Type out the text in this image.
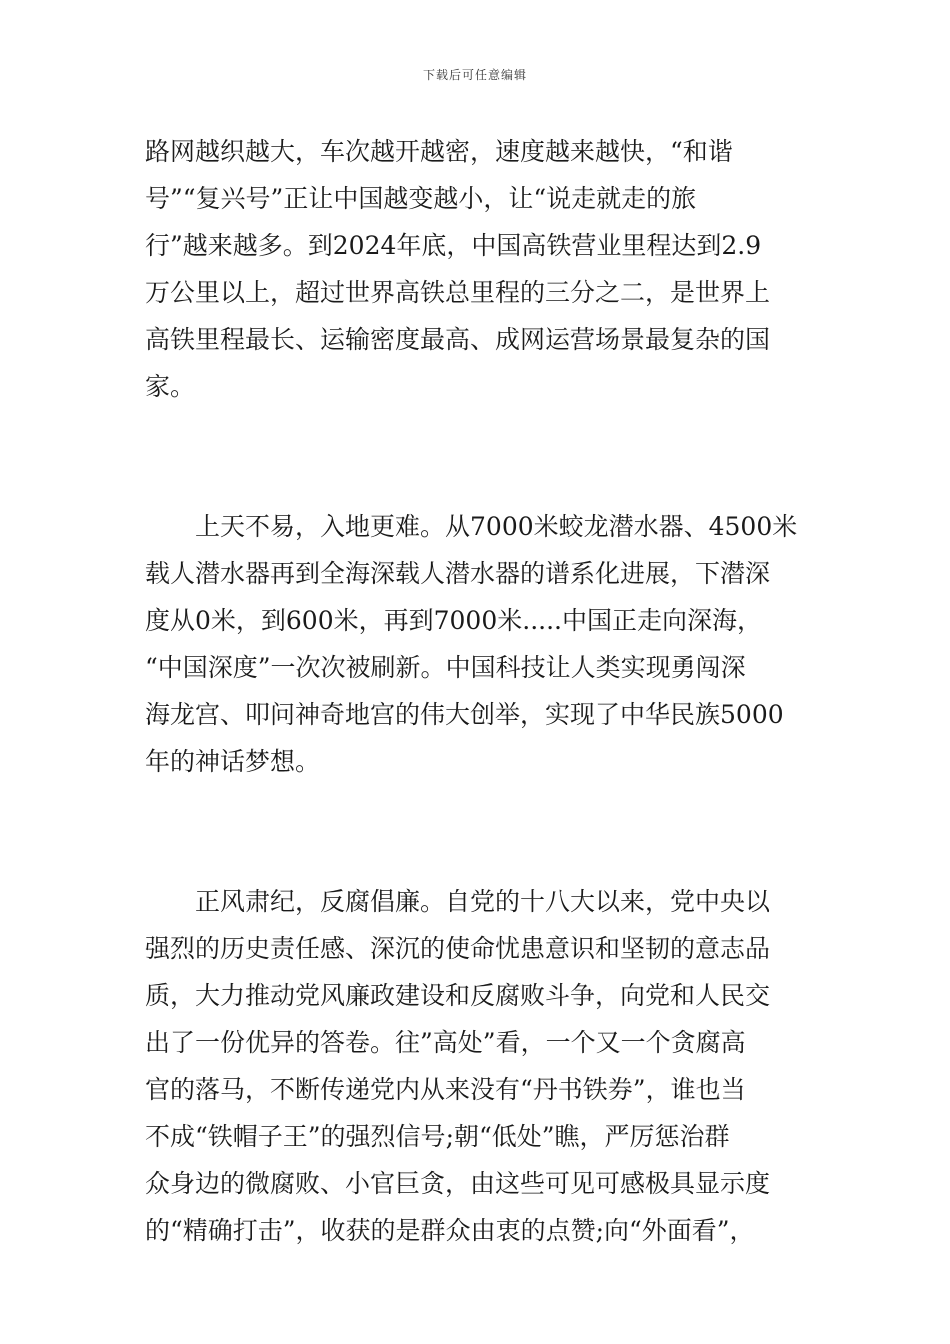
下载后可任意编辑
路网越织越大，车次越开越密，速度越来越快，“和谐
号”“复兴号”正让中国越变越小，让“说走就走的旅
行”越来越多。到2024年底，中国高铁营业里程达到2.9
万公里以上，超过世界高铁总里程的三分之二，是世界上
高铁里程最长、运输密度最高、成网运营场景最复杂的国
家。
上天不易，入地更难。从7000米蛟龙潜水器、4500米
载人潜水器再到全海深载人潜水器的谱系化进展，下潜深
度从0米，到600米，再到7000米.....中国正走向深海，
“中国深度”一次次被刷新。中国科技让人类实现勇闯深
海龙宫、叩问神奇地宫的伟大创举，实现了中华民族5000
年的神话梦想。
正风肃纪，反腐倡廉。自党的十八大以来，党中央以
强烈的历史责任感、深沉的使命忧患意识和坚韧的意志品
质，大力推动党风廉政建设和反腐败斗争，向党和人民交
出了一份优异的答卷。往”高处”看，一个又一个贪腐高
官的落马，不断传递党内从来没有“丹书铁券”，谁也当
不成“铁帽子王”的强烈信号;朝“低处”瞧，严厉惩治群
众身边的微腐败、小官巨贪，由这些可见可感极具显示度
的“精确打击”，收获的是群众由衷的点赞;向“外面看”，
